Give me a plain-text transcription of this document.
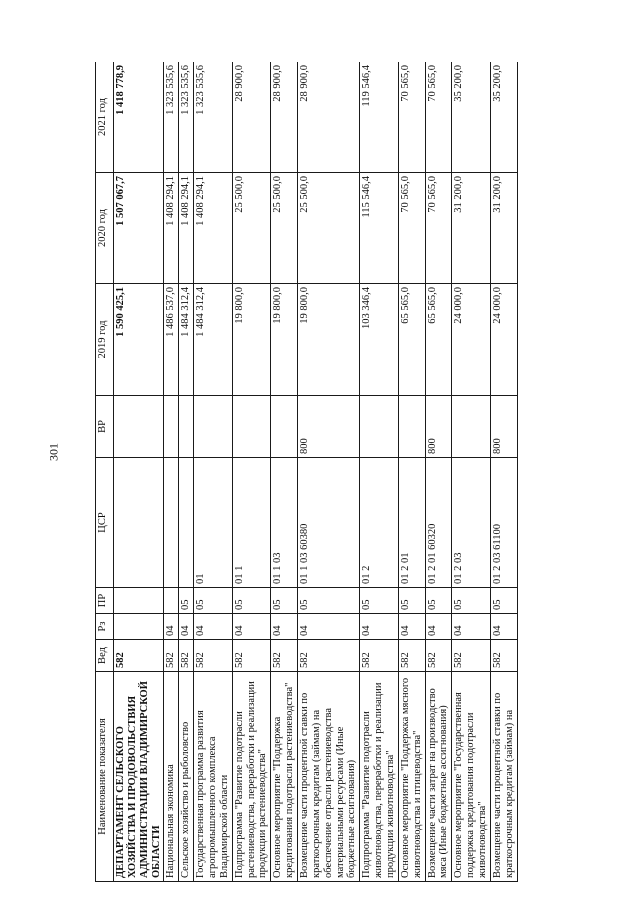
301
Наименование показателя	Вед	Рз	ПР	ЦСР	ВР	2019 год	2020 год	2021 год
ДЕПАРТАМЕНТ СЕЛЬСКОГО ХОЗЯЙСТВА И ПРОДОВОЛЬСТВИЯ АДМИНИСТРАЦИИ ВЛАДИМИРСКОЙ ОБЛАСТИ	582					1 590 425,1	1 507 067,7	1 418 778,9
Национальная экономика	582	04				1 486 537,0	1 408 294,1	1 323 535,6
Сельское хозяйство и рыболовство	582	04	05			1 484 312,4	1 408 294,1	1 323 535,6
Государственная программа развития агропромышленного комплекса Владимирской области	582	04	05	01		1 484 312,4	1 408 294,1	1 323 535,6
Подпрограмма "Развитие подотрасли растениеводства, переработки и реализации продукции растениеводства"	582	04	05	01 1		19 800,0	25 500,0	28 900,0
Основное мероприятие "Поддержка кредитования подотрасли растениеводства"	582	04	05	01 1 03		19 800,0	25 500,0	28 900,0
Возмещение части процентной ставки по краткосрочным кредитам (займам) на обеспечение отрасли растениеводства материальными ресурсами (Иные бюджетные ассигнования)	582	04	05	01 1 03 60380	800	19 800,0	25 500,0	28 900,0
Подпрограмма "Развитие подотрасли животноводства, переработки и реализации продукции животноводства"	582	04	05	01 2		103 346,4	115 546,4	119 546,4
Основное мероприятие "Поддержка мясного животноводства и птицеводства"	582	04	05	01 2 01		65 565,0	70 565,0	70 565,0
Возмещение части затрат на производство мяса (Иные бюджетные ассигнования)	582	04	05	01 2 01 60320	800	65 565,0	70 565,0	70 565,0
Основное мероприятие "Государственная поддержка кредитования подотрасли животноводства"	582	04	05	01 2 03		24 000,0	31 200,0	35 200,0
Возмещение части процентной ставки по краткосрочным кредитам (займам) на	582	04	05	01 2 03 61100	800	24 000,0	31 200,0	35 200,0
